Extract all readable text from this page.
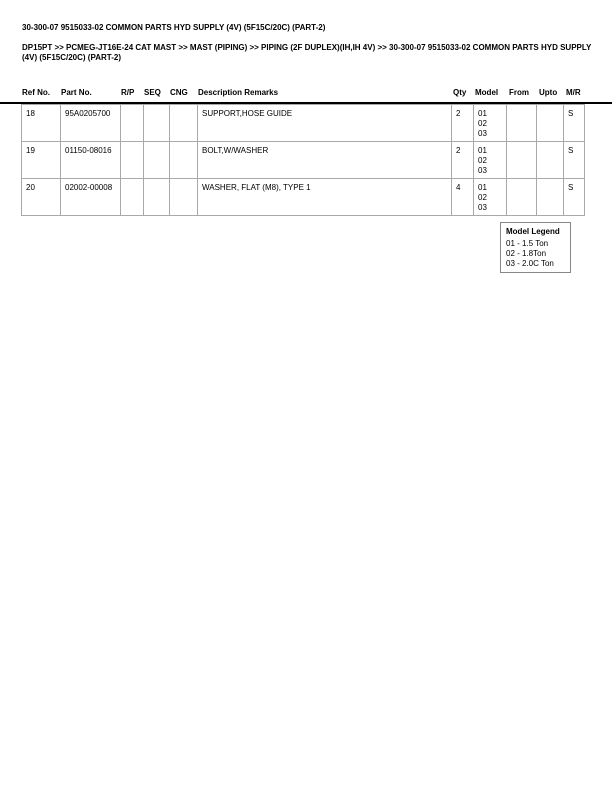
30-300-07 9515033-02 COMMON PARTS HYD SUPPLY (4V) (5F15C/20C) (PART-2)
DP15PT >> PCMEG-JT16E-24 CAT MAST >> MAST (PIPING) >> PIPING (2F DUPLEX)(IH,IH 4V) >> 30-300-07 9515033-02 COMMON PARTS HYD SUPPLY (4V) (5F15C/20C) (PART-2)
Ref No. Part No.	R/P SEQ CNG Description Remarks	Qty Model From Upto M/R
18	95A0205700				SUPPORT,HOSE GUIDE	2	01
02
03			S
19	01150-08016				BOLT,W/WASHER	2	01
02
03			S
20	02002-00008				WASHER, FLAT (M8), TYPE 1	4	01
02
03			S
Model Legend
01 - 1.5 Ton
02 - 1.8Ton
03 - 2.0C Ton
